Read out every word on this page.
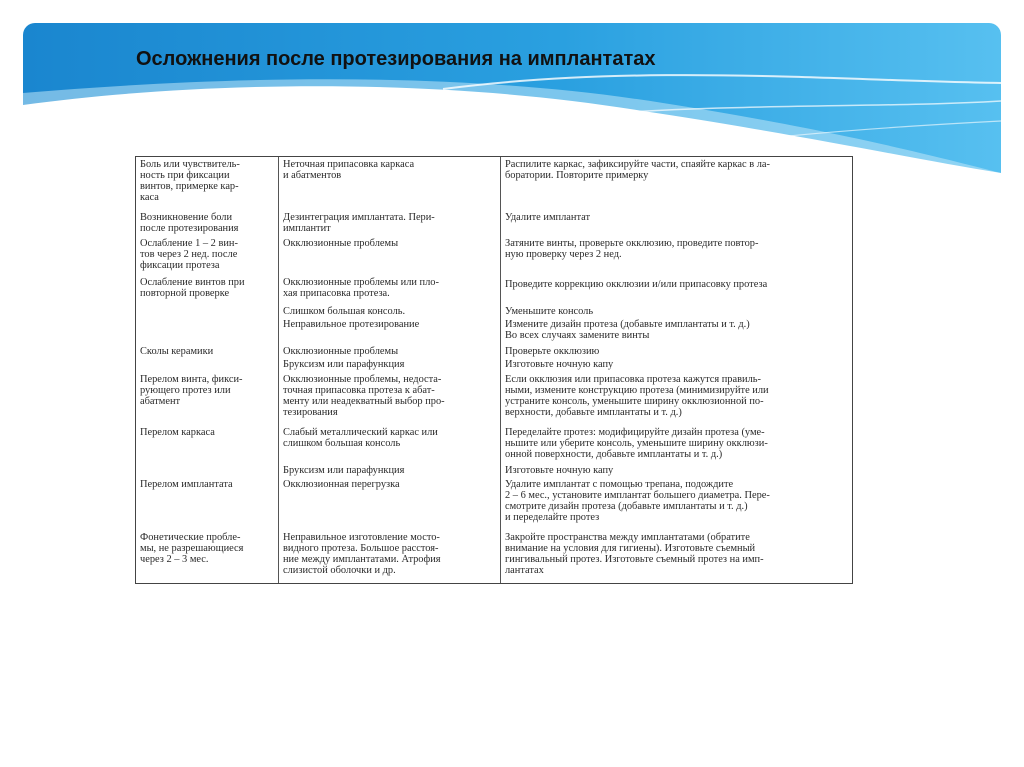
Осложнения после протезирования на имплантатах
Боль или чувствитель-
ность при фиксации
винтов, примерке кар-
каса
Возникновение боли
после протезирования
Ослабление 1 – 2 вин-
тов через 2 нед. после
фиксации протеза
Ослабление винтов при
повторной проверке
Сколы керамики
Перелом винта, фикси-
рующего протез или
абатмент
Перелом каркаса
Перелом имплантата
Фонетические пробле-
мы, не разрешающиеся
через 2 – 3 мес.
Неточная припасовка каркаса
и абатментов
Дезинтеграция имплантата. Пери-
имплантит
Окклюзионные проблемы
Окклюзионные проблемы или пло-
хая припасовка протеза.
Слишком большая консоль.
Неправильное протезирование
Окклюзионные проблемы
Бруксизм или парафункция
Окклюзионные проблемы, недоста-
точная припасовка протеза к абат-
менту или неадекватный выбор про-
тезирования
Слабый металлический каркас или
слишком большая консоль
Бруксизм или парафункция
Окклюзионная перегрузка
Неправильное изготовление мосто-
видного протеза. Большое расстоя-
ние между имплантатами. Атрофия
слизистой оболочки и др.
Распилите каркас, зафиксируйте части, спаяйте каркас в ла-
боратории. Повторите примерку
Удалите имплантат
Затяните винты, проверьте окклюзию, проведите повтор-
ную проверку через 2 нед.
Проведите коррекцию окклюзии и/или припасовку протеза
Уменьшите консоль
Измените дизайн протеза (добавьте имплантаты и т. д.)
Во всех случаях замените винты
Проверьте окклюзию
Изготовьте ночную капу
Если окклюзия или припасовка протеза кажутся правиль-
ными, измените конструкцию протеза (минимизируйте или
устраните консоль, уменьшите ширину окклюзионной по-
верхности, добавьте имплантаты и т. д.)
Переделайте протез: модифицируйте дизайн протеза (уме-
ньшите или уберите консоль, уменьшите ширину окклюзи-
онной поверхности, добавьте имплантаты и т. д.)
Изготовьте ночную капу
Удалите имплантат с помощью трепана, подождите
2 – 6 мес., установите имплантат большего диаметра. Пере-
смотрите дизайн протеза (добавьте имплантаты и т. д.)
и переделайте протез
Закройте пространства между имплантатами (обратите
внимание на условия для гигиены). Изготовьте съемный
гингивальный протез. Изготовьте съемный протез на имп-
лантатах
